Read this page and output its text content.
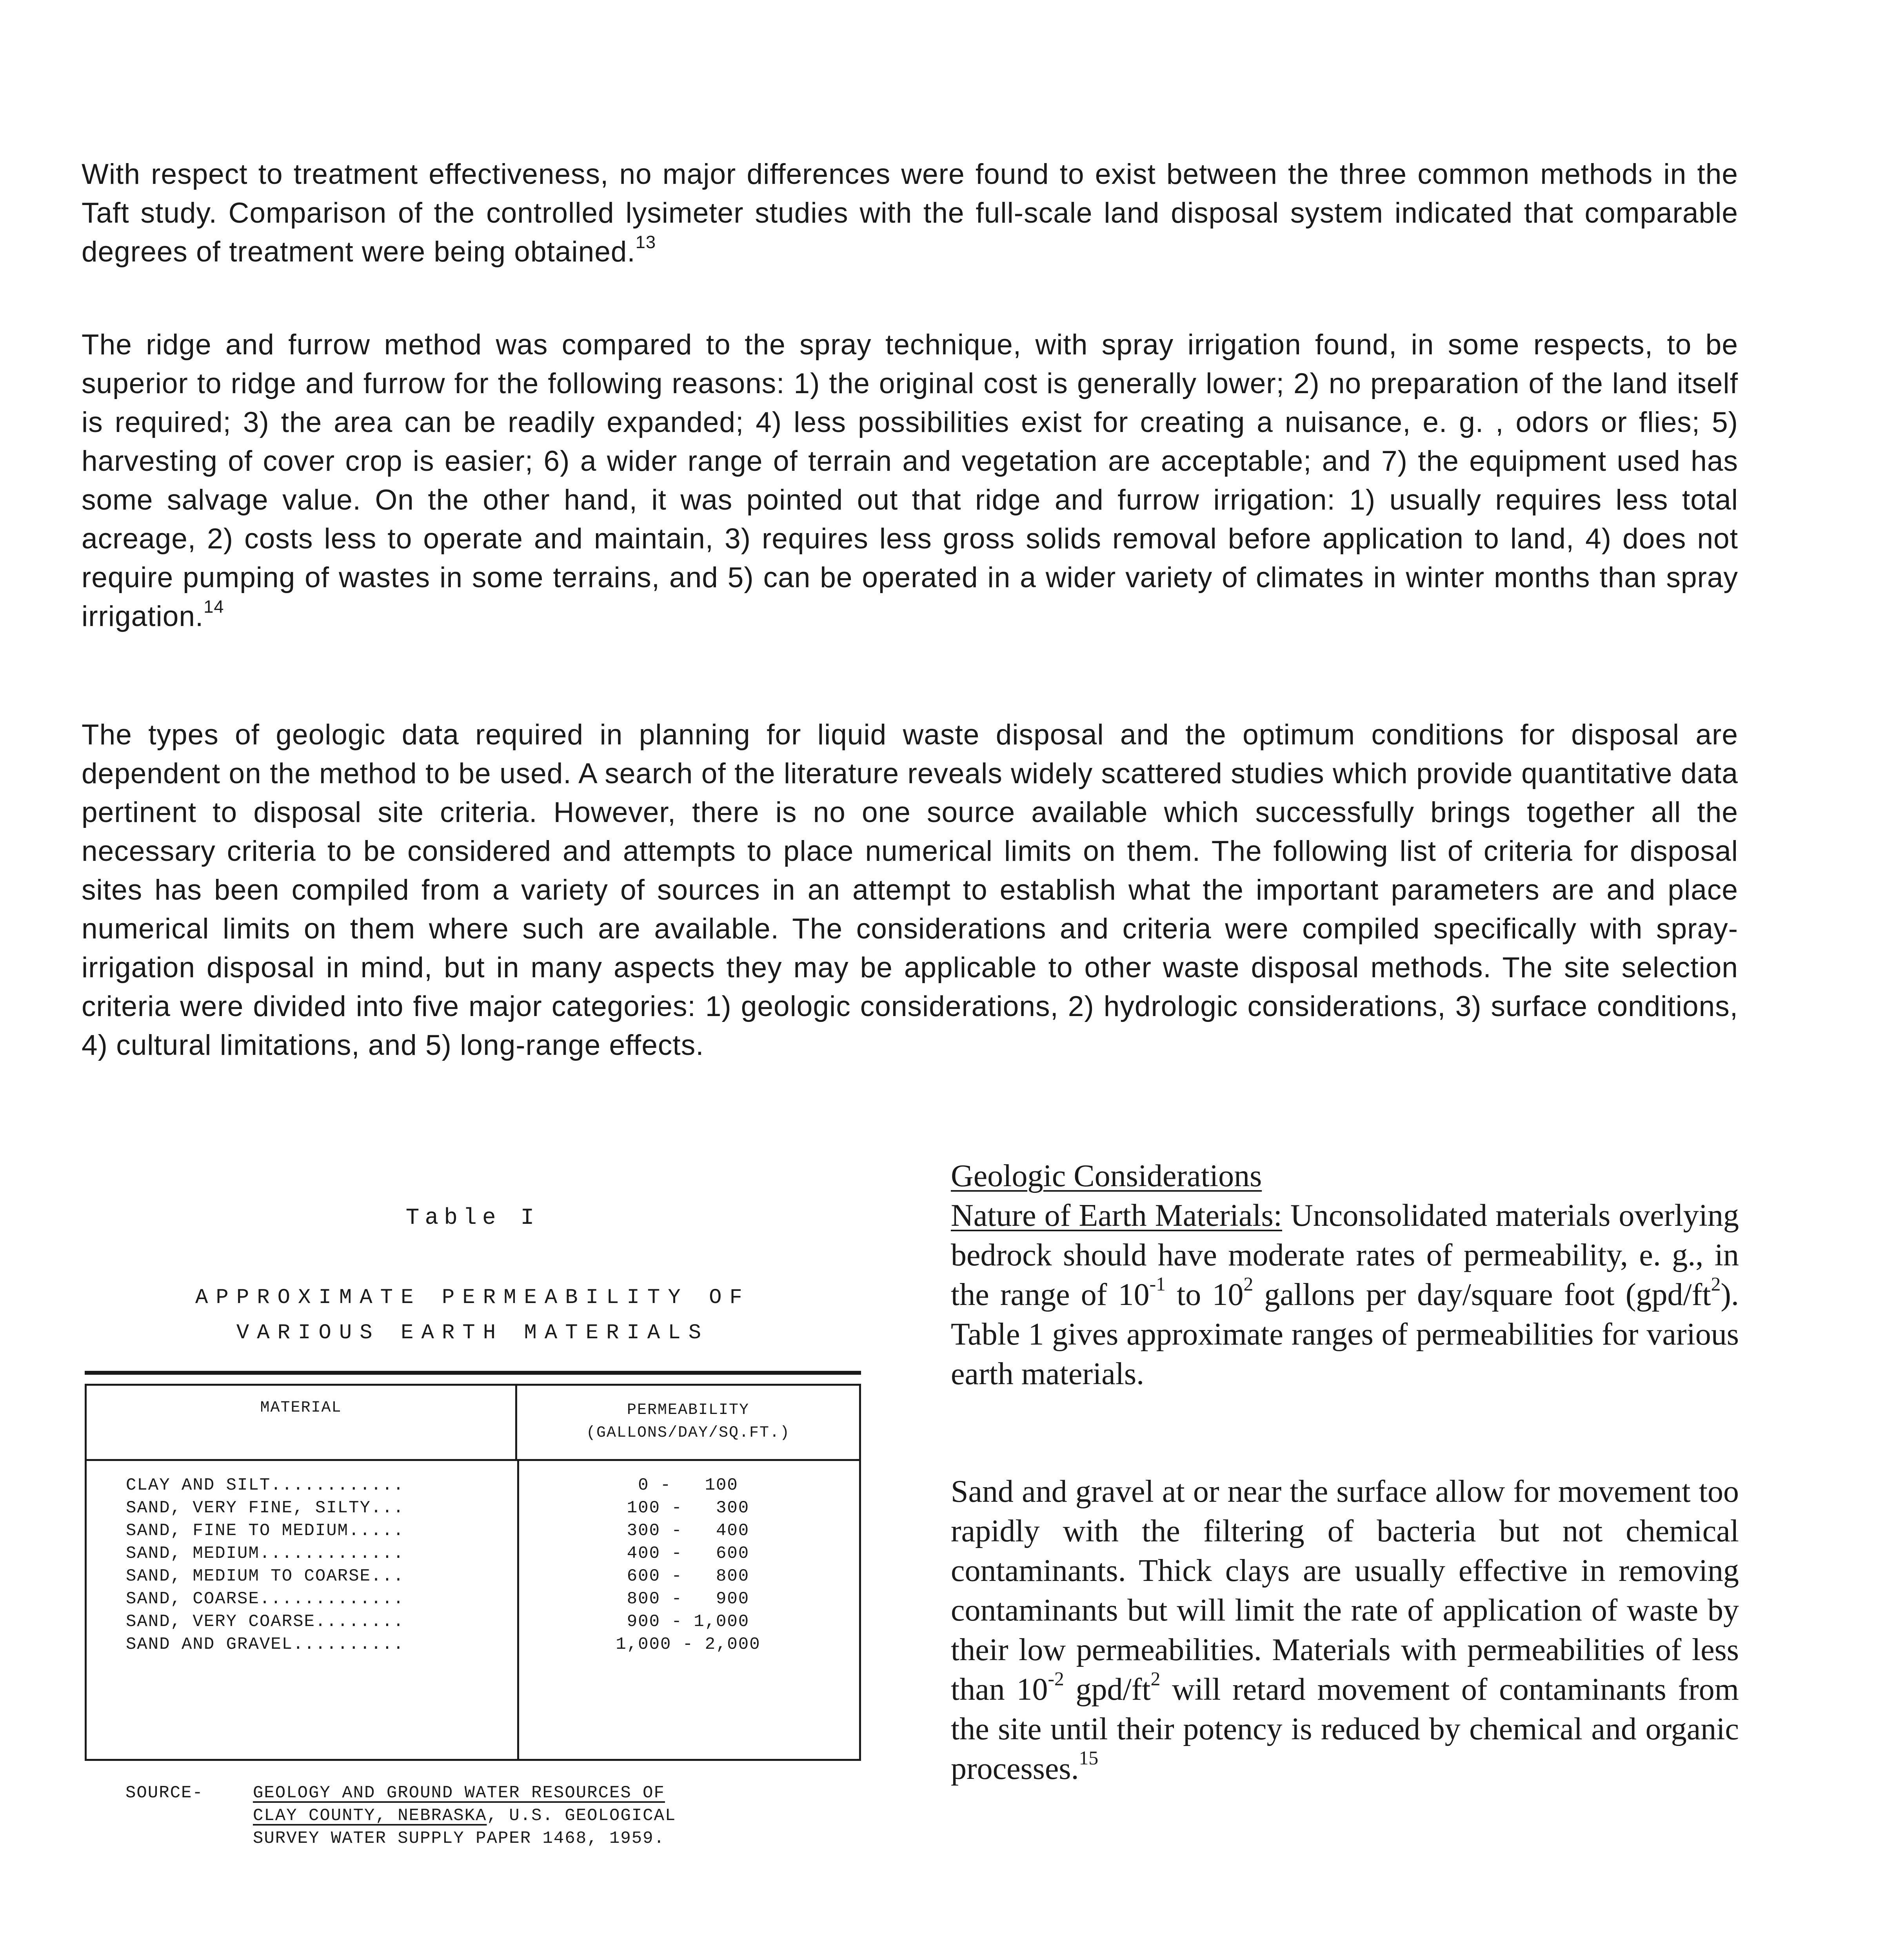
With respect to treatment effectiveness, no major differences were found to exist between the three common methods in the Taft study. Comparison of the controlled lysimeter studies with the full-scale land disposal system indicated that comparable degrees of treatment were being obtained.$^{13}$

The ridge and furrow method was compared to the spray technique, with spray irrigation found, in some respects, to be superior to ridge and furrow for the following reasons: 1) the original cost is generally lower; 2) no preparation of the land itself is required; 3) the area can be readily expanded; 4) less possibilities exist for creating a nuisance, e. g. , odors or flies; 5) harvesting of cover crop is easier; 6) a wider range of terrain and vegetation are acceptable; and 7) the equipment used has some salvage value. On the other hand, it was pointed out that ridge and furrow irrigation: 1) usually requires less total acreage, 2) costs less to operate and maintain, 3) requires less gross solids removal before application to land, 4) does not require pumping of wastes in some terrains, and 5) can be operated in a wider variety of climates in winter months than spray irrigation.$^{14}$

The types of geologic data required in planning for liquid waste disposal and the optimum conditions for disposal are dependent on the method to be used. A search of the literature reveals widely scattered studies which provide quantitative data pertinent to disposal site criteria. However, there is no one source available which successfully brings together all the necessary criteria to be considered and attempts to place numerical limits on them. The following list of criteria for disposal sites has been compiled from a variety of sources in an attempt to establish what the important parameters are and place numerical limits on them where such are available. The considerations and criteria were compiled specifically with spray-irrigation disposal in mind, but in many aspects they may be applicable to other waste disposal methods. The site selection criteria were divided into five major categories: 1) geologic considerations, 2) hydrologic considerations, 3) surface conditions, 4) cultural limitations, and 5) long-range effects.

Table I
APPROXIMATE PERMEABILITY OF
VARIOUS EARTH MATERIALS
MATERIAL	PERMEABILITY
(GALLONS/DAY/SQ.FT.)
CLAY AND SILT............	0 -   100
SAND, VERY FINE, SILTY...	100 -   300
SAND, FINE TO MEDIUM.....	300 -   400
SAND, MEDIUM.............	400 -   600
SAND, MEDIUM TO COARSE...	600 -   800
SAND, COARSE.............	800 -   900
SAND, VERY COARSE........	900 - 1,000
SAND AND GRAVEL..........	1,000 - 2,000
SOURCE-	GEOLOGY AND GROUND WATER RESOURCES OF
CLAY COUNTY, NEBRASKA, U.S. GEOLOGICAL
SURVEY WATER SUPPLY PAPER 1468, 1959.

Geologic Considerations

Nature of Earth Materials: Unconsolidated materials overlying bedrock should have moderate rates of permeability, e. g., in the range of $10^{-1}$ to $10^2$ gallons per day/square foot $(gpd/ft^2)$. Table 1 gives approximate ranges of permeabilities for various earth materials.

Sand and gravel at or near the surface allow for movement too rapidly with the filtering of bacteria but not chemical contaminants. Thick clays are usually effective in removing contaminants but will limit the rate of application of waste by their low permeabilities. Materials with permeabilities of less than $10^{-2}$ gpd/$ft^2$ will retard movement of contaminants from the site until their potency is reduced by chemical and organic processes.$^{15}$
